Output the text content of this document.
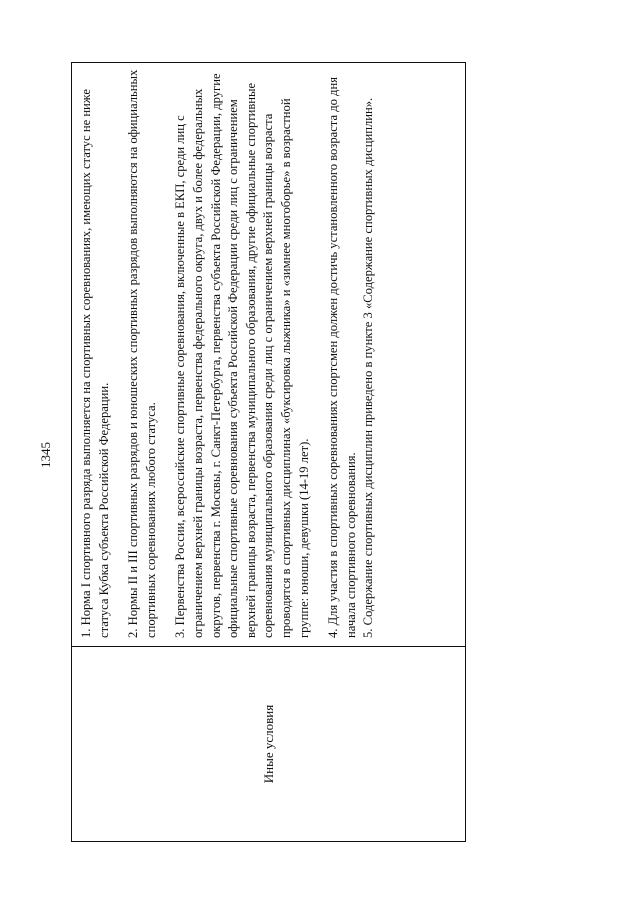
1345
Иные условия	

1. Норма I спортивного разряда выполняется на спортивных соревнованиях, имеющих статус не ниже статуса Кубка субъекта Российской Федерации. 2. Нормы II и III спортивных разрядов и юношеских спортивных разрядов выполняются на официальных спортивных соревнованиях любого статуса. 3. Первенства России, всероссийские спортивные соревнования, включенные в ЕКП, среди лиц с ограничением верхней границы возраста, первенства федерального округа, двух и более федеральных округов, первенства г. Москвы, г. Санкт-Петербурга, первенства субъекта Российской Федерации, другие официальные спортивные соревнования субъекта Российской Федерации среди лиц с ограничением верхней границы возраста, первенства муниципального образования, другие официальные спортивные соревнования муниципального образования среди лиц с ограничением верхней границы возраста проводятся в спортивных дисциплинах «буксировка лыжника» и «зимнее многоборье» в возрастной группе: юноши, девушки (14-19 лет). 4. Для участия в спортивных соревнованиях спортсмен должен достичь установленного возраста до дня начала спортивного соревнования. 5. Содержание спортивных дисциплин приведено в пункте 3 «Содержание спортивных дисциплин».
